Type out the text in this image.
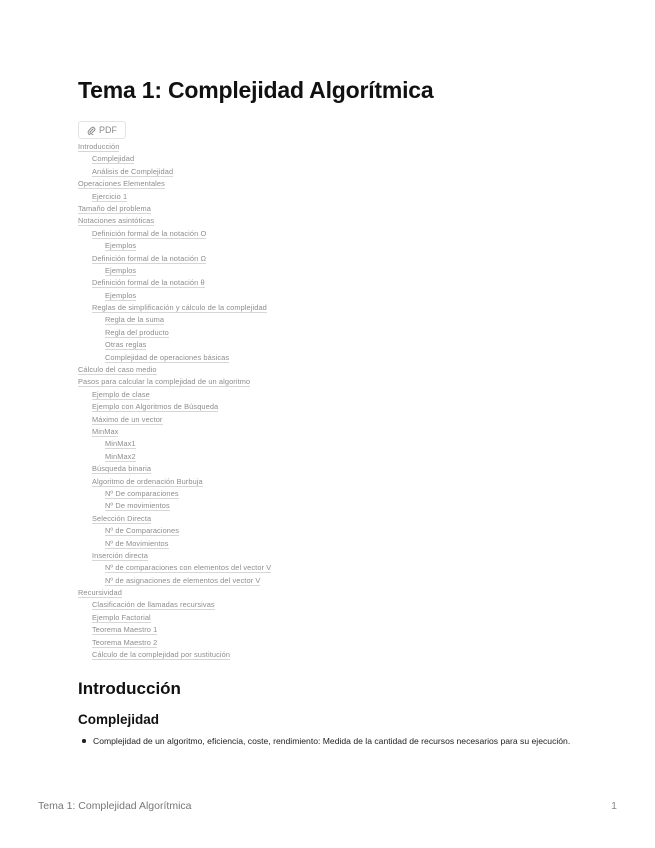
Tema 1: Complejidad Algorítmica
PDF
Introducción
Complejidad
Análisis de Complejidad
Operaciones Elementales
Ejercicio 1
Tamaño del problema
Notaciones asintóticas
Definición formal de la notación O
Ejemplos
Definición formal de la notación Ω
Ejemplos
Definición formal de la notación θ
Ejemplos
Reglas de simplificación y cálculo de la complejidad
Regla de la suma
Regla del producto
Otras reglas
Complejidad de operaciones básicas
Cálculo del caso medio
Pasos para calcular la complejidad de un algoritmo
Ejemplo de clase
Ejemplo con Algoritmos de Búsqueda
Máximo de un vector
MinMax
MinMax1
MinMax2
Búsqueda binaria
Algoritmo de ordenación Burbuja
Nº De comparaciones
Nº De movimientos
Selección Directa
Nº de Comparaciones
Nº de Movimientos
Inserción directa
Nº de comparaciones con elementos del vector V
Nº de asignaciones de elementos del vector V
Recursividad
Clasificación de llamadas recursivas
Ejemplo Factorial
Teorema Maestro 1
Teorema Maestro 2
Cálculo de la complejidad por sustitución
Introducción
Complejidad
Complejidad de un algoritmo, eficiencia, coste, rendimiento: Medida de la cantidad de recursos necesarios para su ejecución.

Tema 1: Complejidad Algorítmica	1
